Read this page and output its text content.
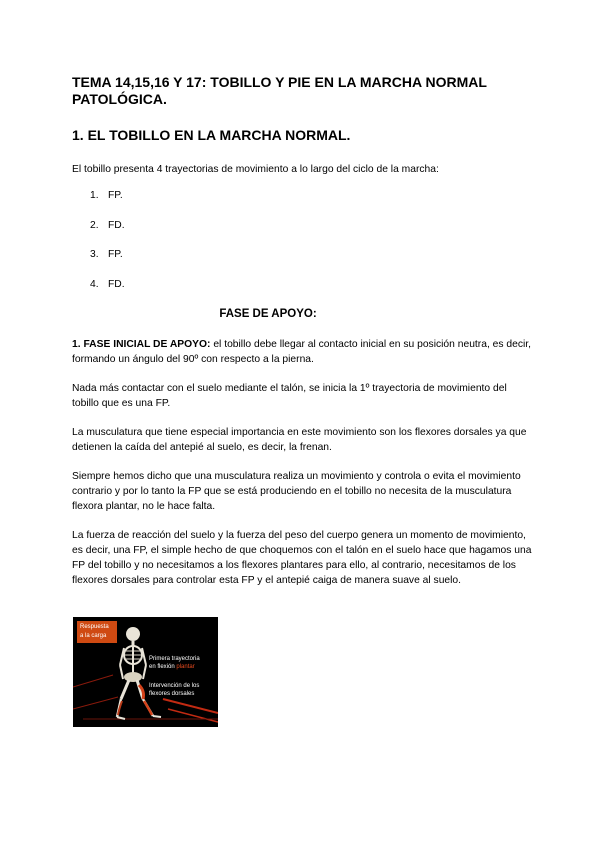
TEMA 14,15,16 Y 17: TOBILLO Y PIE EN LA MARCHA NORMAL PATOLÓGICA.
1. EL TOBILLO EN LA MARCHA NORMAL.

El tobillo presenta 4 trayectorias de movimiento a lo largo del ciclo de la marcha:

1. FP.
2. FD.
3. FP.
4. FD.
FASE DE APOYO:

1. FASE INICIAL DE APOYO: el tobillo debe llegar al contacto inicial en su posición neutra, es decir, formando un ángulo del 90º con respecto a la pierna.

Nada más contactar con el suelo mediante el talón, se inicia la 1º trayectoria de movimiento del tobillo que es una FP.

La musculatura que tiene especial importancia en este movimiento son los flexores dorsales ya que detienen la caída del antepié al suelo, es decir, la frenan.

Siempre hemos dicho que una musculatura realiza un movimiento y controla o evita el movimiento contrario y por lo tanto la FP que se está produciendo en el tobillo no necesita de la musculatura flexora plantar, no le hace falta.

La fuerza de reacción del suelo y la fuerza del peso del cuerpo genera un momento de movimiento, es decir, una FP, el simple hecho de que choquemos con el talón en el suelo hace que hagamos una FP del tobillo y no necesitamos a los flexores plantares para ello, al contrario, necesitamos de los flexores dorsales para controlar esta FP y el antepié caiga de manera suave al suelo.

Respuesta
a la carga
Primera trayectoria
en flexión plantar
Intervención de los
flexores dorsales
